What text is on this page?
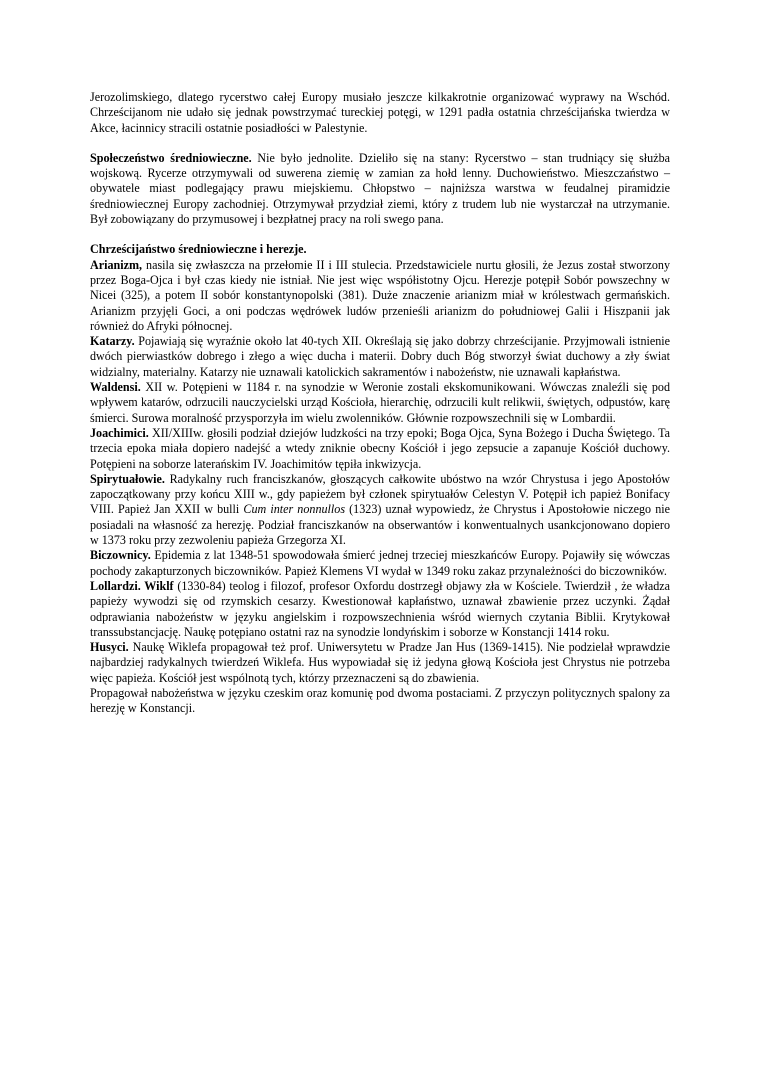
Jerozolimskiego, dlatego rycerstwo całej Europy musiało jeszcze kilkakrotnie organizować wyprawy na Wschód. Chrześcijanom nie udało się jednak powstrzymać tureckiej potęgi, w 1291 padła ostatnia chrześcijańska twierdza w Akce, łacinnicy stracili ostatnie posiadłości w Palestynie.

Społeczeństwo średniowieczne. Nie było jednolite. Dzieliło się na stany: Rycerstwo – stan trudniący się służba wojskową. Rycerze otrzymywali od suwerena ziemię w zamian za hołd lenny. Duchowieństwo. Mieszczaństwo – obywatele miast podlegający prawu miejskiemu. Chłopstwo – najniższa warstwa w feudalnej piramidzie średniowiecznej Europy zachodniej. Otrzymywał przydział ziemi, który z trudem lub nie wystarczał na utrzymanie. Był zobowiązany do przymusowej i bezpłatnej pracy na roli swego pana.

Chrześcijaństwo średniowieczne i herezje.

Arianizm, nasila się zwłaszcza na przełomie II i III stulecia. Przedstawiciele nurtu głosili, że Jezus został stworzony przez Boga-Ojca i był czas kiedy nie istniał. Nie jest więc współistotny Ojcu. Herezje potępił Sobór powszechny w Nicei (325), a potem II sobór konstantynopolski (381). Duże znaczenie arianizm miał w królestwach germańskich. Arianizm przyjęli Goci, a oni podczas wędrówek ludów przenieśli arianizm do południowej Galii i Hiszpanii jak również do Afryki północnej.

Katarzy. Pojawiają się wyraźnie około lat 40-tych XII. Określają się jako dobrzy chrześcijanie. Przyjmowali istnienie dwóch pierwiastków dobrego i złego a więc ducha i materii. Dobry duch Bóg stworzył świat duchowy a zły świat widzialny, materialny. Katarzy nie uznawali katolickich sakramentów i nabożeństw, nie uznawali kapłaństwa.

Waldensi. XII w. Potępieni w 1184 r. na synodzie w Weronie zostali ekskomunikowani. Wówczas znaleźli się pod wpływem katarów, odrzucili nauczycielski urząd Kościoła, hierarchię, odrzucili kult relikwii, świętych, odpustów, karę śmierci. Surowa moralność przysporzyła im wielu zwolenników. Głównie rozpowszechnili się w Lombardii.

Joachimici. XII/XIIIw. głosili podział dziejów ludzkości na trzy epoki; Boga Ojca, Syna Bożego i Ducha Świętego. Ta trzecia epoka miała dopiero nadejść a wtedy zniknie obecny Kościół i jego zepsucie a zapanuje Kościół duchowy. Potępieni na soborze laterańskim IV. Joachimitów tępiła inkwizycja.

Spirytuałowie. Radykalny ruch franciszkanów, głoszących całkowite ubóstwo na wzór Chrystusa i jego Apostołów zapoczątkowany przy końcu XIII w., gdy papieżem był członek spirytuałów Celestyn V. Potępił ich papież Bonifacy VIII. Papież Jan XXII w bulli Cum inter nonnullos (1323) uznał wypowiedz, że Chrystus i Apostołowie niczego nie posiadali na własność za herezję. Podział franciszkanów na obserwantów i konwentualnych usankcjonowano dopiero w 1373 roku przy zezwoleniu papieża Grzegorza XI.

Biczownicy. Epidemia z lat 1348-51 spowodowała śmierć jednej trzeciej mieszkańców Europy. Pojawiły się wówczas pochody zakapturzonych biczowników. Papież Klemens VI wydał w 1349 roku zakaz przynależności do biczowników.

Lollardzi. Wiklf (1330-84) teolog i filozof, profesor Oxfordu dostrzegł objawy zła w Kościele. Twierdził , że władza papieży wywodzi się od rzymskich cesarzy. Kwestionował kapłaństwo, uznawał zbawienie przez uczynki. Żądał odprawiania nabożeństw w języku angielskim i rozpowszechnienia wśród wiernych czytania Biblii. Krytykował transsubstancjację. Naukę potępiano ostatni raz na synodzie londyńskim i soborze w Konstancji 1414 roku.

Husyci. Naukę Wiklefa propagował też prof. Uniwersytetu w Pradze Jan Hus (1369-1415). Nie podzielał wprawdzie najbardziej radykalnych twierdzeń Wiklefa. Hus wypowiadał się iż jedyna głową Kościoła jest Chrystus nie potrzeba więc papieża. Kościół jest wspólnotą tych, którzy przeznaczeni są do zbawienia.

Propagował nabożeństwa w języku czeskim oraz komunię pod dwoma postaciami. Z przyczyn politycznych spalony za herezję w Konstancji.
